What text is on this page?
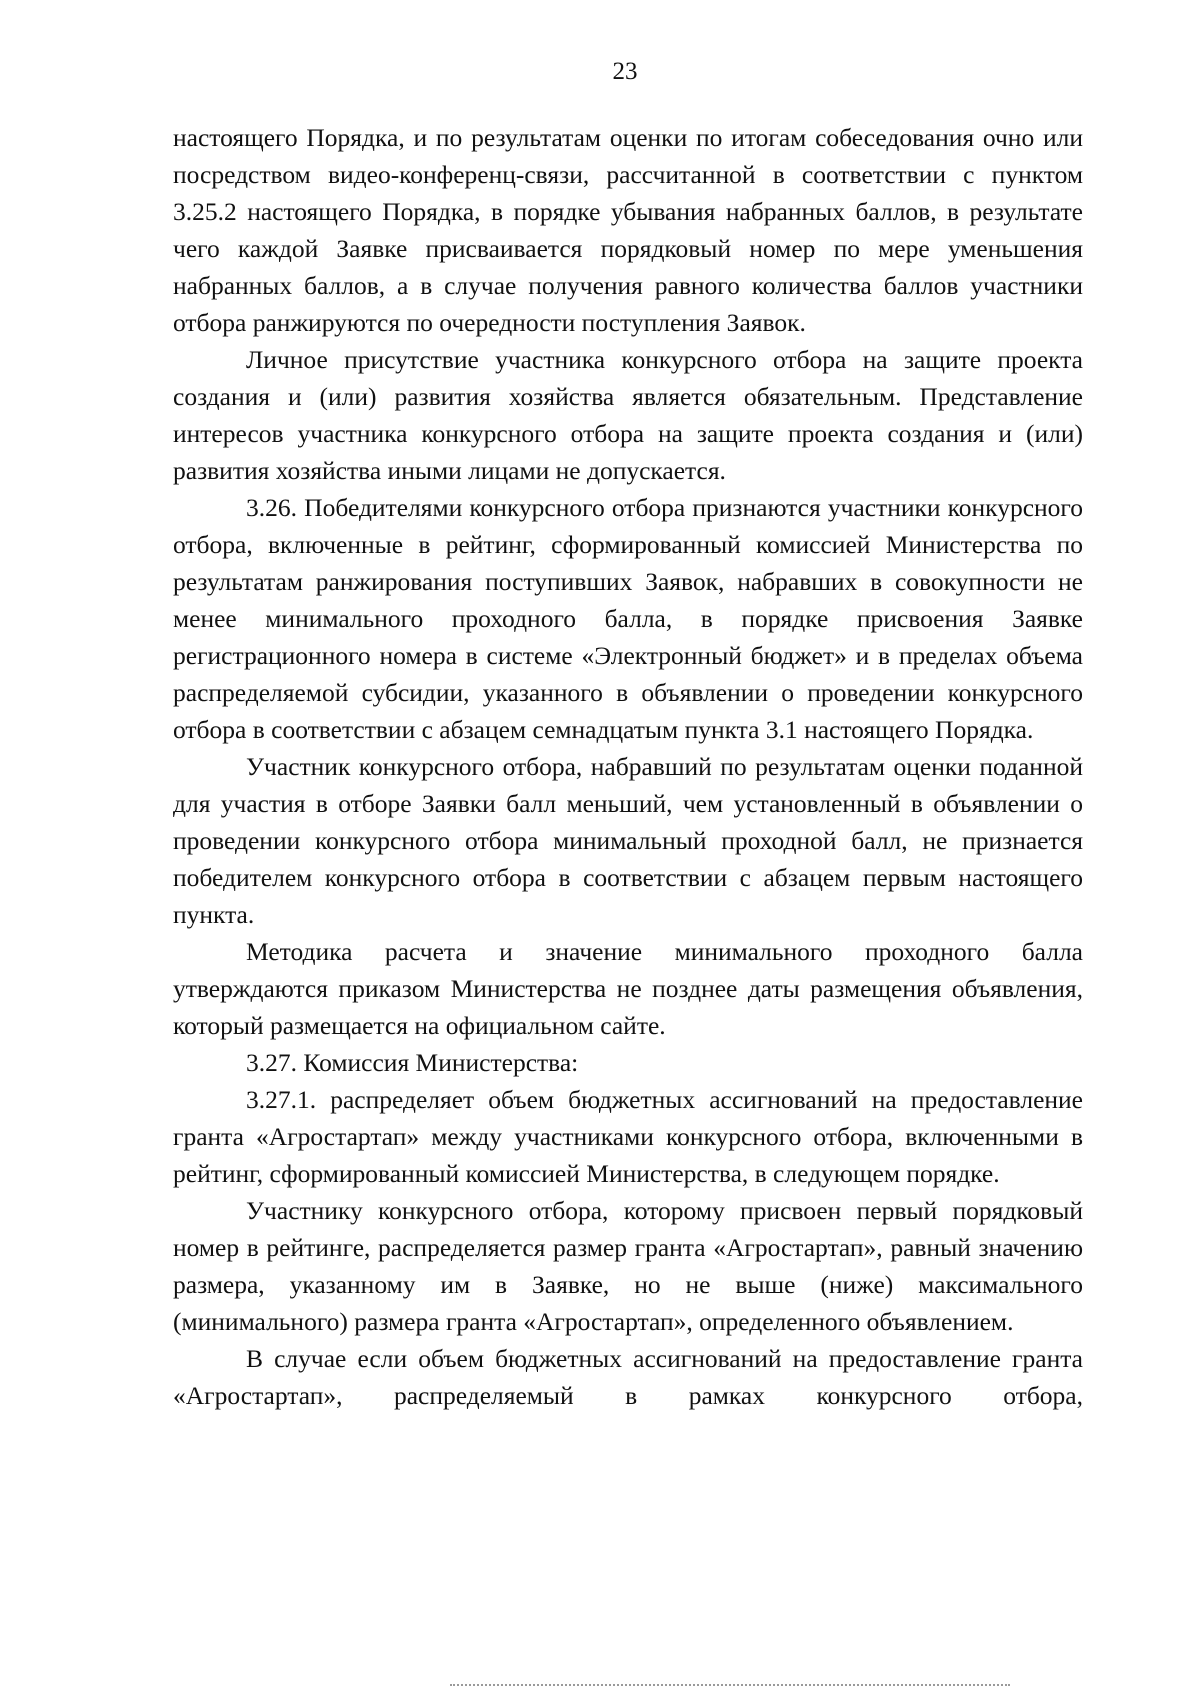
23

настоящего Порядка, и по результатам оценки по итогам собеседования очно или посредством видео-конференц-связи, рассчитанной в соответствии с пунктом 3.25.2 настоящего Порядка, в порядке убывания набранных баллов, в результате чего каждой Заявке присваивается порядковый номер по мере уменьшения набранных баллов, а в случае получения равного количества баллов участники отбора ранжируются по очередности поступления Заявок.

Личное присутствие участника конкурсного отбора на защите проекта создания и (или) развития хозяйства является обязательным. Представление интересов участника конкурсного отбора на защите проекта создания и (или) развития хозяйства иными лицами не допускается.

3.26. Победителями конкурсного отбора признаются участники конкурсного отбора, включенные в рейтинг, сформированный комиссией Министерства по результатам ранжирования поступивших Заявок, набравших в совокупности не менее минимального проходного балла, в порядке присвоения Заявке регистрационного номера в системе «Электронный бюджет» и в пределах объема распределяемой субсидии, указанного в объявлении о проведении конкурсного отбора в соответствии с абзацем семнадцатым пункта 3.1 настоящего Порядка.

Участник конкурсного отбора, набравший по результатам оценки поданной для участия в отборе Заявки балл меньший, чем установленный в объявлении о проведении конкурсного отбора минимальный проходной балл, не признается победителем конкурсного отбора в соответствии с абзацем первым настоящего пункта.

Методика расчета и значение минимального проходного балла утверждаются приказом Министерства не позднее даты размещения объявления, который размещается на официальном сайте.

3.27. Комиссия Министерства:

3.27.1. распределяет объем бюджетных ассигнований на предоставление гранта «Агростартап» между участниками конкурсного отбора, включенными в рейтинг, сформированный комиссией Министерства, в следующем порядке.

Участнику конкурсного отбора, которому присвоен первый порядковый номер в рейтинге, распределяется размер гранта «Агростартап», равный значению размера, указанному им в Заявке, но не выше (ниже) максимального (минимального) размера гранта «Агростартап», определенного объявлением.

В случае если объем бюджетных ассигнований на предоставление гранта «Агростартап», распределяемый в рамках конкурсного отбора,
